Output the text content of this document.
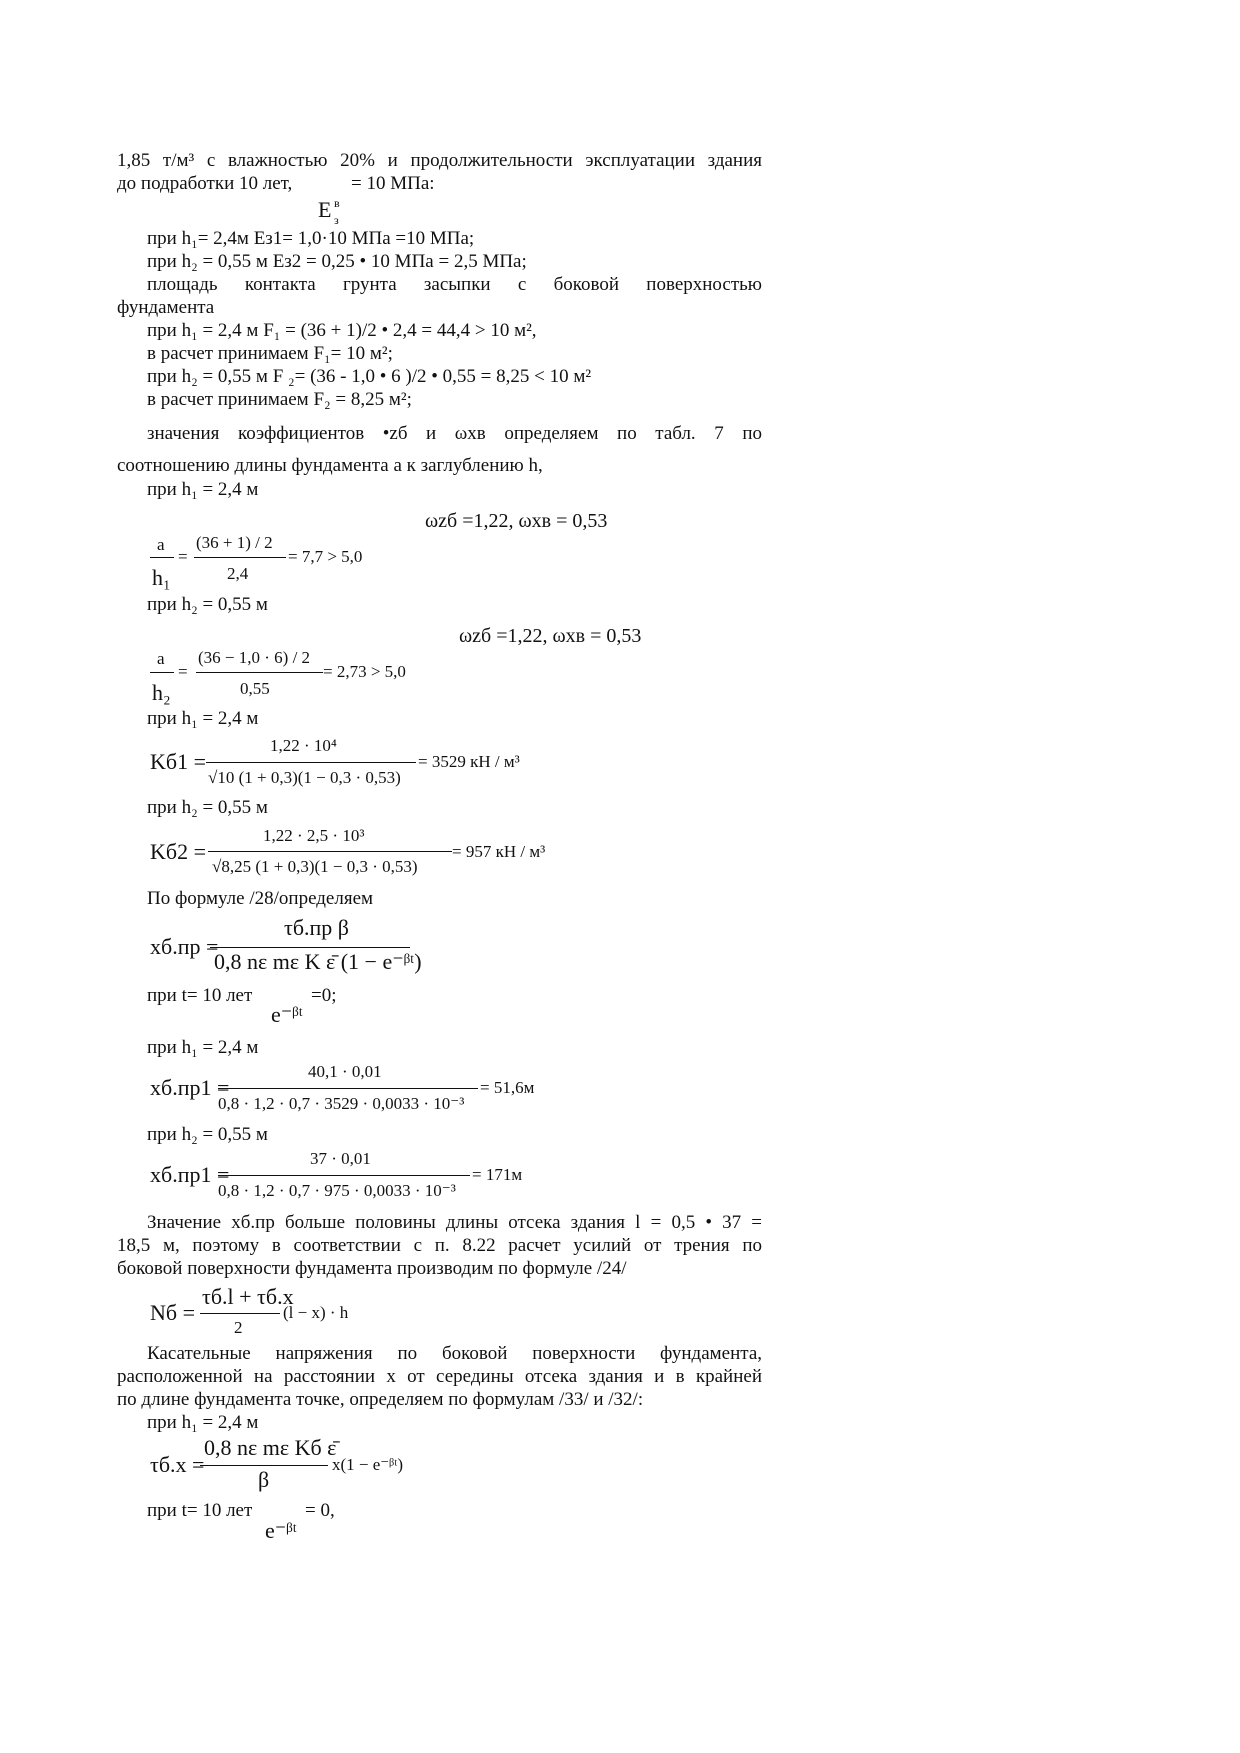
1,85 т/м³ с влажностью 20% и продолжительности эксплуатации здания
до подработки 10 лет,	= 10 МПа:
E в
з
при h₁= 2,4м Eз1= 1,0·10 МПа =10 МПа;
при h₂ = 0,55 м Eз2 = 0,25 • 10 МПа = 2,5 МПа;
площадь контакта грунта засыпки с боковой поверхностью
фундамента
при h₁ = 2,4 м F₁ = (36 + 1)/2 • 2,4 = 44,4 > 10 м²,
в расчет принимаем F₁= 10 м²;
при h₂ = 0,55 м F ₂= (36 - 1,0 • 6 )/2 • 0,55 = 8,25 < 10 м²
в расчет принимаем F₂ = 8,25 м²;
значения коэффициентов •zб и ωхв определяем по табл. 7 по
соотношению длины фундамента a к заглублению h,
при h₁ = 2,4 м
ωzб =1,22, ωхв = 0,53
a
h₁
=
(36 + 1) / 2
2,4
= 7,7 > 5,0
при h₂ = 0,55 м
ωzб =1,22, ωхв = 0,53
a
h₂
=
(36 − 1,0 · 6) / 2
0,55
= 2,73 > 5,0
при h₁ = 2,4 м
Kб1 =
1,22 · 10⁴
√10 (1 + 0,3)(1 − 0,3 · 0,53)
= 3529 кН / м³
при h₂ = 0,55 м
Kб2 =
1,22 · 2,5 · 10³
√8,25 (1 + 0,3)(1 − 0,3 · 0,53)
= 957 кН / м³
По формуле /28/определяем
xб.пр =
τб.пр β
0,8 nε mε K ε̄ (1 − e⁻ᵝᵗ)
при t= 10 лет	=0;
e⁻ᵝᵗ
при h₁ = 2,4 м
xб.пр1 =
40,1 · 0,01
0,8 · 1,2 · 0,7 · 3529 · 0,0033 · 10⁻³
= 51,6м
при h₂ = 0,55 м
xб.пр1 =
37 · 0,01
0,8 · 1,2 · 0,7 · 975 · 0,0033 · 10⁻³
= 171м
Значение xб.пр больше половины длины отсека здания l = 0,5 • 37 =
18,5 м, поэтому в соответствии с п. 8.22 расчет усилий от трения по
боковой поверхности фундамента производим по формуле /24/
Nб =
τб.l + τб.x
2
(l − x) · h
Касательные напряжения по боковой поверхности фундамента,
расположенной на расстоянии x от середины отсека здания и в крайней
по длине фундамента точке, определяем по формулам /33/ и /32/:
при h₁ = 2,4 м
τб.x =
0,8 nε mε Kб ε̄
β
x(1 − e⁻ᵝᵗ)
при t= 10 лет	= 0,
e⁻ᵝᵗ
